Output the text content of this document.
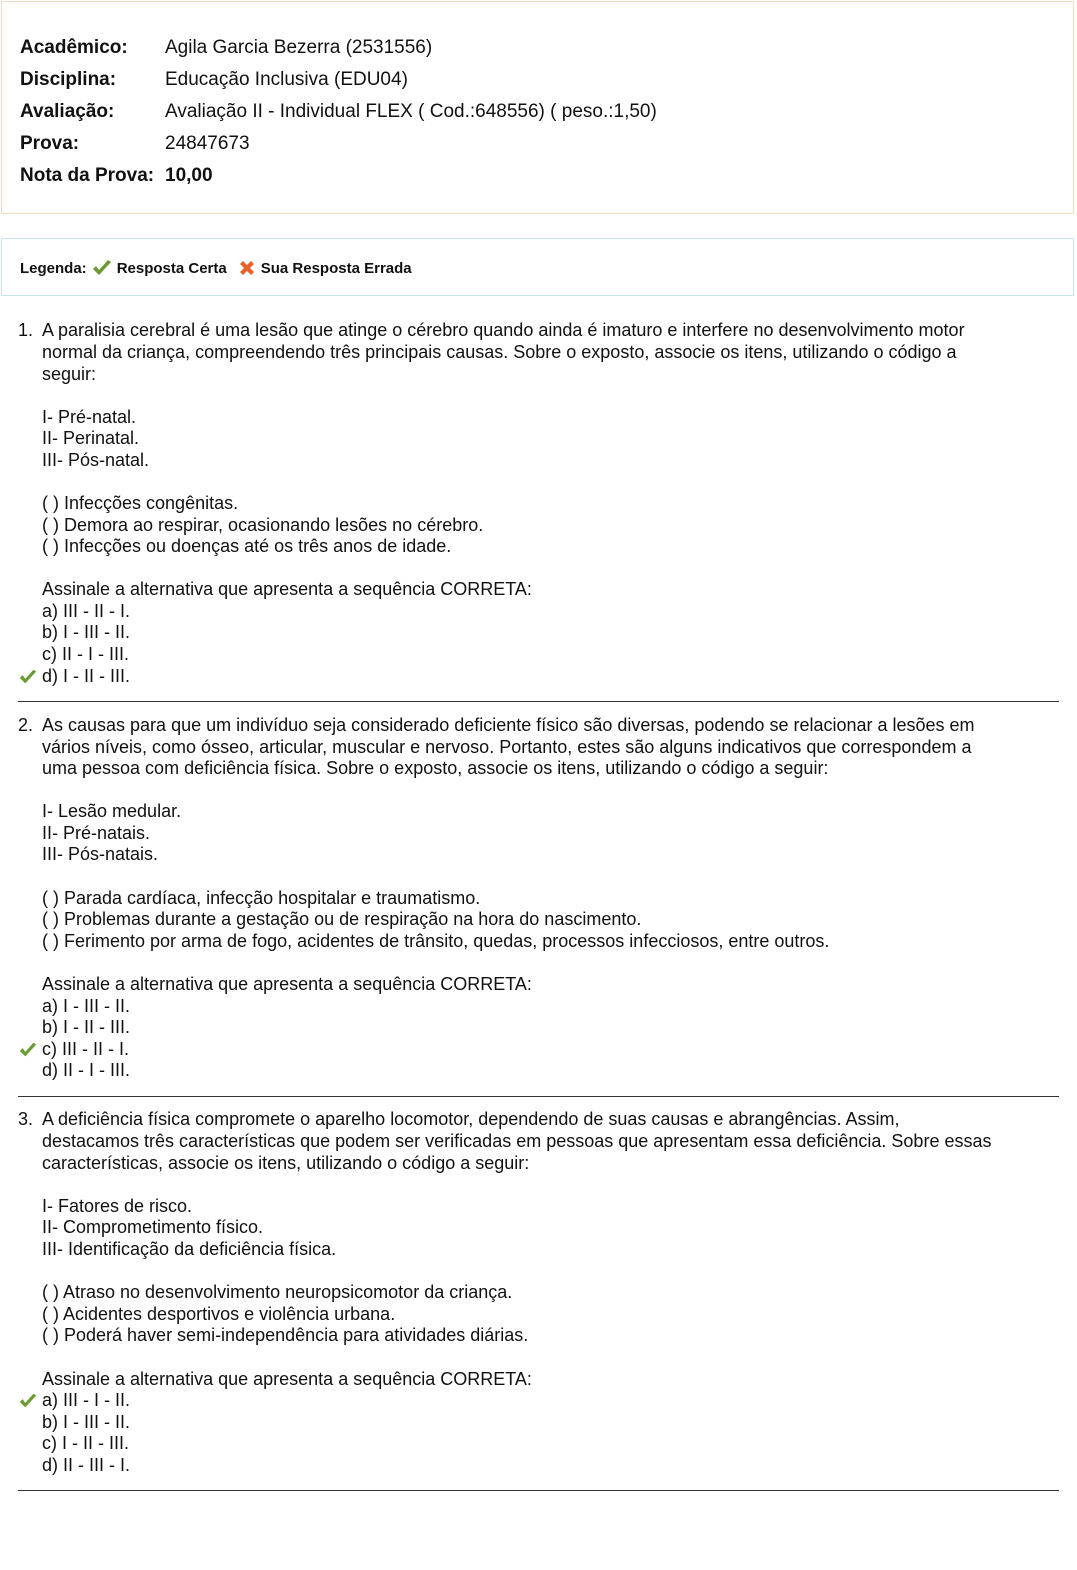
Acadêmico: Agila Garcia Bezerra (2531556)
Disciplina:	Educação Inclusiva (EDU04)
Avaliação:	Avaliação II - Individual FLEX ( Cod.:648556) ( peso.:1,50)
Prova:	24847673
Nota da Prova: 10,00
Legenda: Resposta Certa Sua Resposta Errada
1. A paralisia cerebral é uma lesão que atinge o cérebro quando ainda é imaturo e interfere no desenvolvimento motor
normal da criança, compreendendo três principais causas. Sobre o exposto, associe os itens, utilizando o código a
seguir:
I- Pré-natal.
II- Perinatal.
III- Pós-natal.
( ) Infecções congênitas.
( ) Demora ao respirar, ocasionando lesões no cérebro.
( ) Infecções ou doenças até os três anos de idade.
Assinale a alternativa que apresenta a sequência CORRETA:
a) III - II - I.
b) I - III - II.
c) II - I - III.
d) I - II - III.
2. As causas para que um indivíduo seja considerado deficiente físico são diversas, podendo se relacionar a lesões em
vários níveis, como ósseo, articular, muscular e nervoso. Portanto, estes são alguns indicativos que correspondem a
uma pessoa com deficiência física. Sobre o exposto, associe os itens, utilizando o código a seguir:
I- Lesão medular.
II- Pré-natais.
III- Pós-natais.
( ) Parada cardíaca, infecção hospitalar e traumatismo.
( ) Problemas durante a gestação ou de respiração na hora do nascimento.
( ) Ferimento por arma de fogo, acidentes de trânsito, quedas, processos infecciosos, entre outros.
Assinale a alternativa que apresenta a sequência CORRETA:
a) I - III - II.
b) I - II - III.
c) III - II - I.
d) II - I - III.
3. A deficiência física compromete o aparelho locomotor, dependendo de suas causas e abrangências. Assim,
destacamos três características que podem ser verificadas em pessoas que apresentam essa deficiência. Sobre essas
características, associe os itens, utilizando o código a seguir:
I- Fatores de risco.
II- Comprometimento físico.
III- Identificação da deficiência física.
( ) Atraso no desenvolvimento neuropsicomotor da criança.
( ) Acidentes desportivos e violência urbana.
( ) Poderá haver semi-independência para atividades diárias.
Assinale a alternativa que apresenta a sequência CORRETA:
a) III - I - II.
b) I - III - II.
c) I - II - III.
d) II - III - I.
